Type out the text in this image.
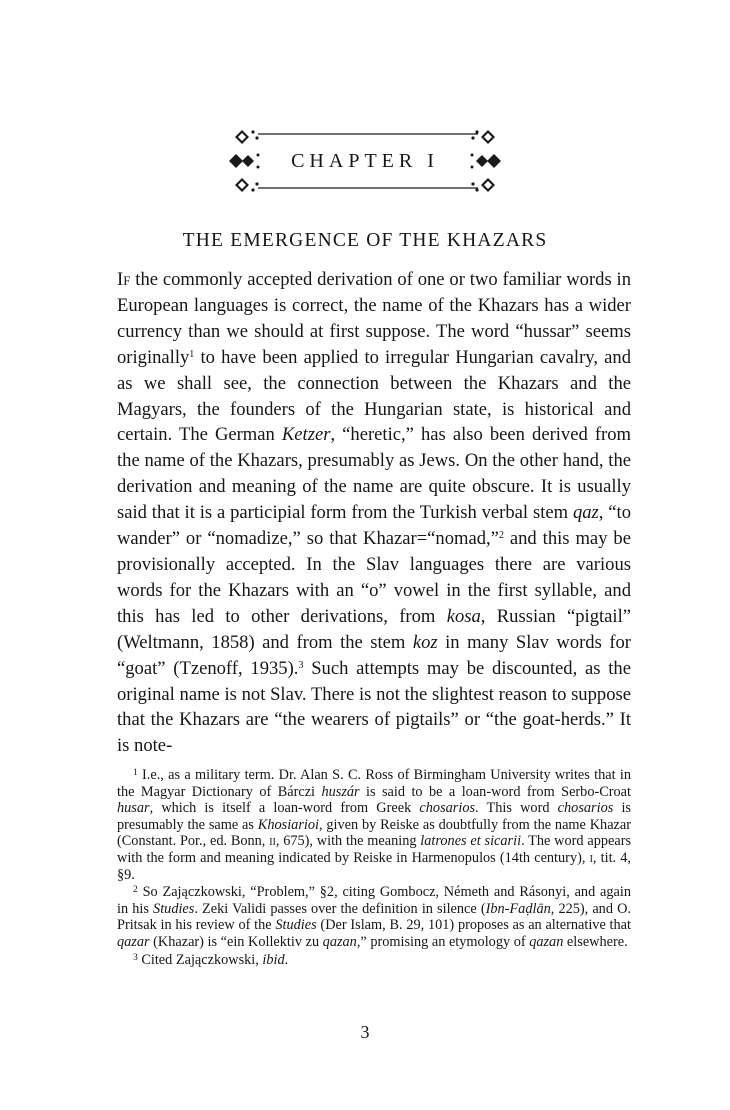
CHAPTER I
THE EMERGENCE OF THE KHAZARS

If the commonly accepted derivation of one or two familiar words in European languages is correct, the name of the Khazars has a wider currency than we should at first suppose. The word “hussar” seems originally$^1$ to have been applied to irregular Hungarian cavalry, and as we shall see, the connection between the Khazars and the Magyars, the founders of the Hungarian state, is historical and certain. The German Ketzer, “heretic,” has also been derived from the name of the Khazars, presumably as Jews. On the other hand, the derivation and meaning of the name are quite obscure. It is usually said that it is a participial form from the Turkish verbal stem qaz, “to wander” or “nomadize,” so that Khazar=“nomad,”$^2$ and this may be provisionally accepted. In the Slav languages there are various words for the Khazars with an “o” vowel in the first syllable, and this has led to other derivations, from kosa, Russian “pigtail” (Weltmann, 1858) and from the stem koz in many Slav words for “goat” (Tzenoff, 1935).$^3$ Such attempts may be discounted, as the original name is not Slav. There is not the slightest reason to suppose that the Khazars are “the wearers of pigtails” or “the goat-herds.” It is note-

$^1$ I.e., as a military term. Dr. Alan S. C. Ross of Birmingham University writes that in the Magyar Dictionary of Bárczi huszár is said to be a loan-word from Serbo-Croat husar, which is itself a loan-word from Greek chosarios. This word chosarios is presumably the same as Khosiarioi, given by Reiske as doubtfully from the name Khazar (Constant. Por., ed. Bonn, ii, 675), with the meaning latrones et sicarii. The word appears with the form and meaning indicated by Reiske in Harmenopulos (14th century), i, tit. 4, §9.

$^2$ So Zajączkowski, “Problem,” §2, citing Gombocz, Németh and Rásonyi, and again in his Studies. Zeki Validi passes over the definition in silence (Ibn-Faḍlān, 225), and O. Pritsak in his review of the Studies (Der Islam, B. 29, 101) proposes as an alternative that qazar (Khazar) is “ein Kollektiv zu qazan,” promising an etymology of qazan elsewhere.

$^3$ Cited Zajączkowski, ibid.

3
